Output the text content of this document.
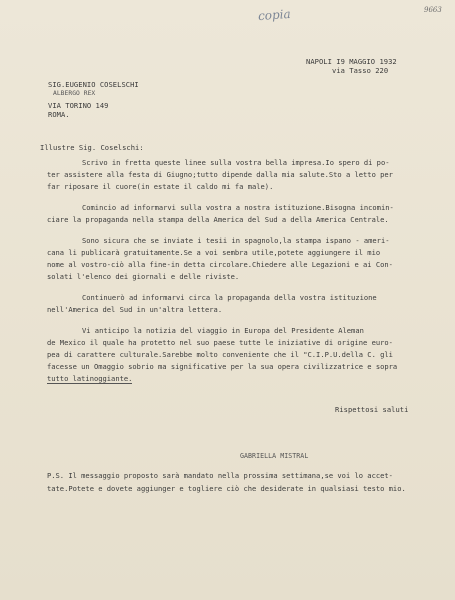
copia	9663
NAPOLI I9 MAGGIO 1932
via Tasso 220
SIG.EUGENIO COSELSCHI
ALBERGO REX
VIA TORINO 149
ROMA.
Illustre Sig. Coselschi:
Scrivo in fretta queste linee sulla vostra bella impresa.Io spero di po-
ter assistere alla festa di Giugno;tutto dipende dalla mia salute.Sto a letto per
far riposare il cuore(in estate il caldo mi fa male).
Comincio ad informarvi sulla vostra a nostra istituzione.Bisogna incomin-
ciare la propaganda nella stampa della America del Sud a della America Centrale.
Sono sicura che se inviate i tesii in spagnolo,la stampa ispano - ameri-
cana li publicarà gratuitamente.Se a voi sembra utile,potete aggiungere il mio
nome al vostro-ciò alla fine-in detta circolare.Chiedere alle Legazioni e ai Con-
solati l'elenco dei giornali e delle riviste.
Continuerò ad informarvi circa la propaganda della vostra istituzione
nell'America del Sud in un'altra lettera.
Vi anticipo la notizia del viaggio in Europa del Presidente Aleman
de Mexico il quale ha protetto nel suo paese tutte le iniziative di origine euro-
pea di carattere culturale.Sarebbe molto conveniente che il "C.I.P.U.della C. gli
facesse un Omaggio sobrio ma significative per la sua opera civilizzatrice e sopra
tutto latinoggiante.
Rispettosi saluti
GABRIELLA MISTRAL
P.S. Il messaggio proposto sarà mandato nella prossima settimana,se voi lo accet-
tate.Potete e dovete aggiunger e togliere ciò che desiderate in qualsiasi testo mio.
